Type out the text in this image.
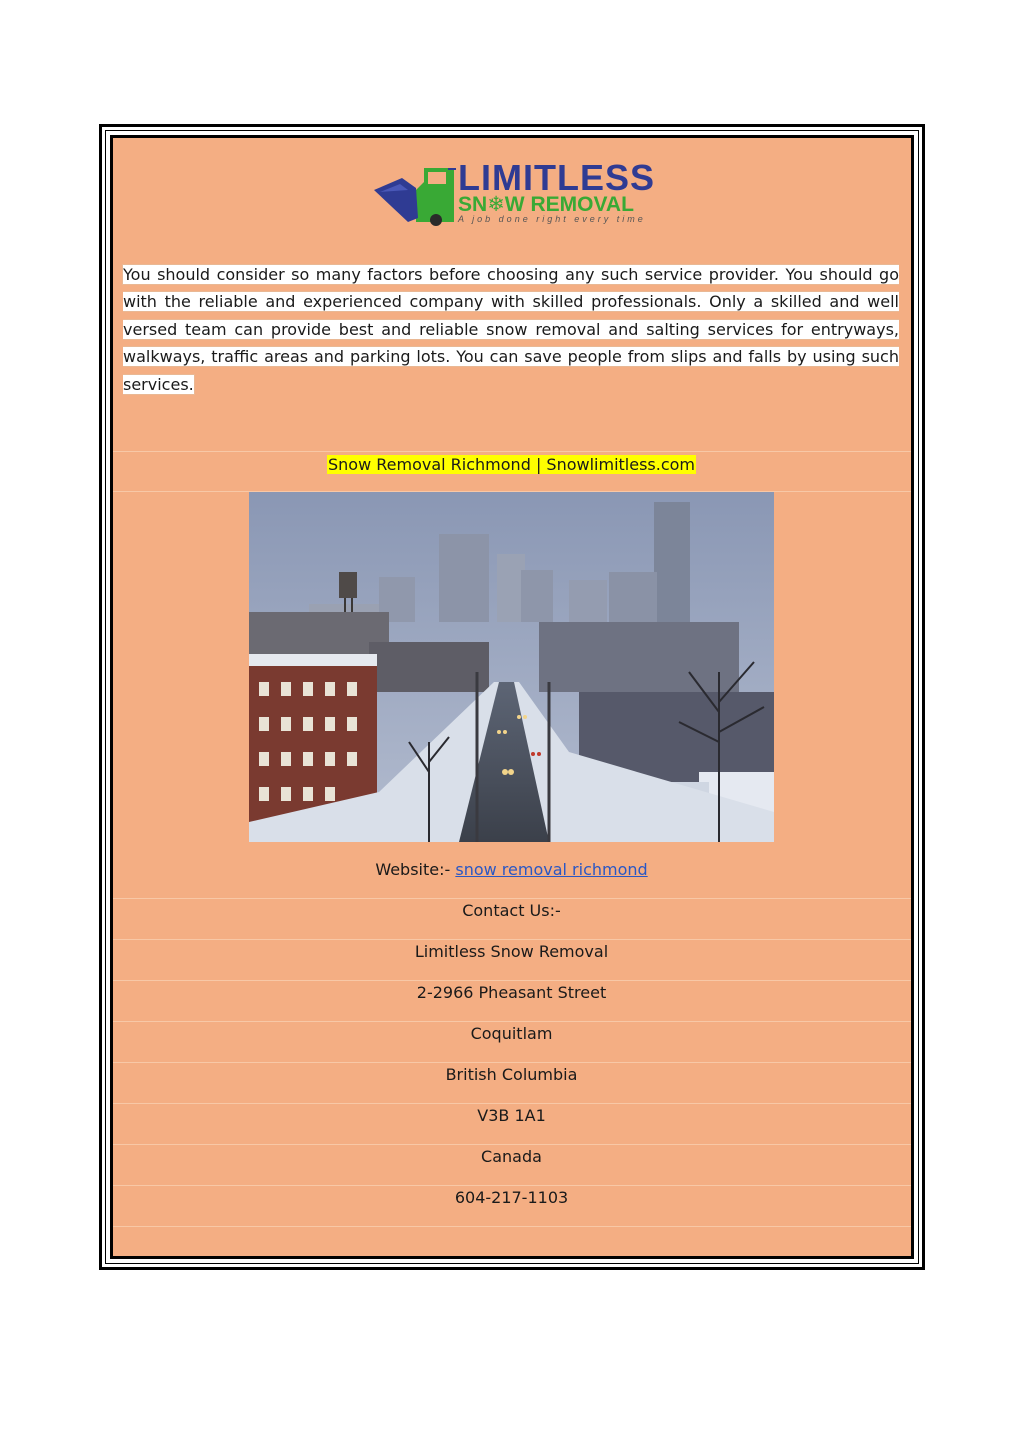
LIMITLESS
SN❄W REMOVAL
A job done right every time
You should consider so many factors before choosing any such service provider. You should go with the reliable and experienced company with skilled professionals. Only a skilled and well versed team can provide best and reliable snow removal and salting services for entryways, walkways, traffic areas and parking lots. You can save people from slips and falls by using such services.
Snow Removal Richmond | Snowlimitless.com
Website:- snow removal richmond
Contact Us:-
Limitless Snow Removal
2-2966 Pheasant Street
Coquitlam
British Columbia
V3B 1A1
Canada
604-217-1103
